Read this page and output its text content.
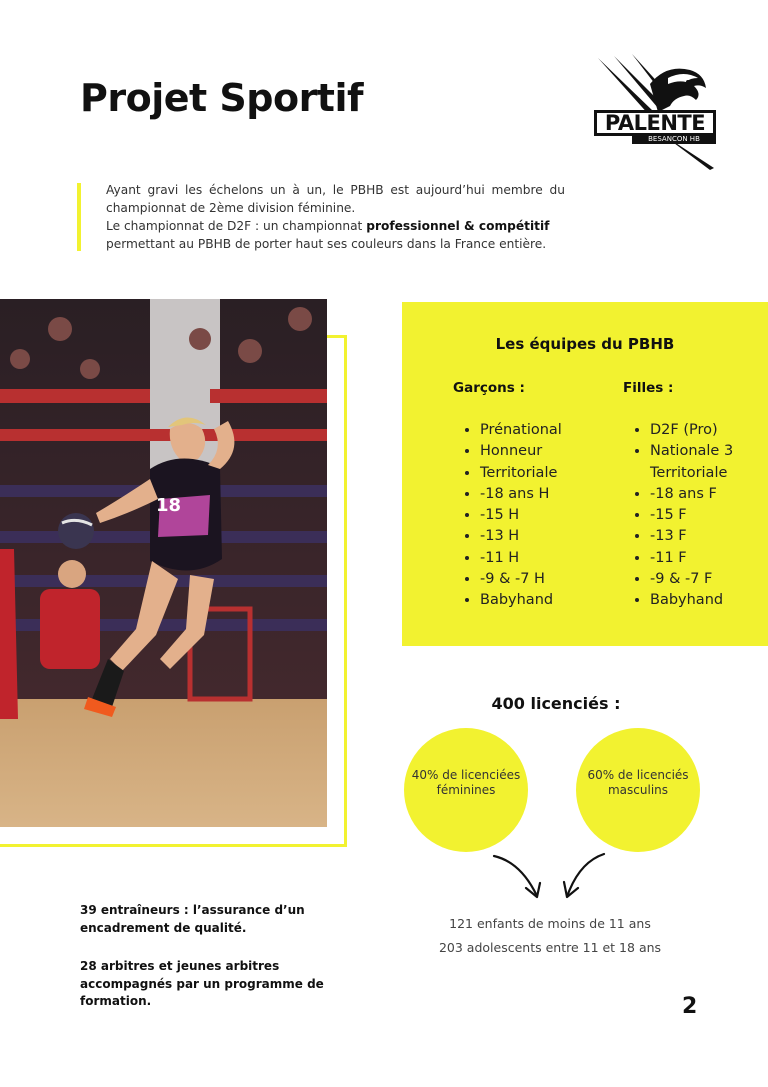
Projet Sportif
PALENTE
BESANCON HB

Ayant gravi les échelons un à un, le PBHB est aujourd’hui membre du championnat de 2ème division féminine.

Le championnat de D2F : un championnat professionnel & compétitif permettant au PBHB de porter haut ses couleurs dans la France entière.

18
Les équipes du PBHB
Garçons :	Filles :
• Prénational
• Honneur
• Territoriale
• -18 ans H
• -15 H
• -13 H
• -11 H
• -9 & -7 H
• Babyhand
• D2F (Pro)
• Nationale 3 Territoriale
• -18 ans F
• -15 F
• -13 F
• -11 F
• -9 & -7 F
• Babyhand
400 licenciés :
40% de licenciées féminines
60% de licenciés masculins
121 enfants de moins de 11 ans
203 adolescents entre 11 et 18 ans
39 entraîneurs : l’assurance d’un encadrement de qualité.
28 arbitres et jeunes arbitres accompagnés par un programme de formation.	2
